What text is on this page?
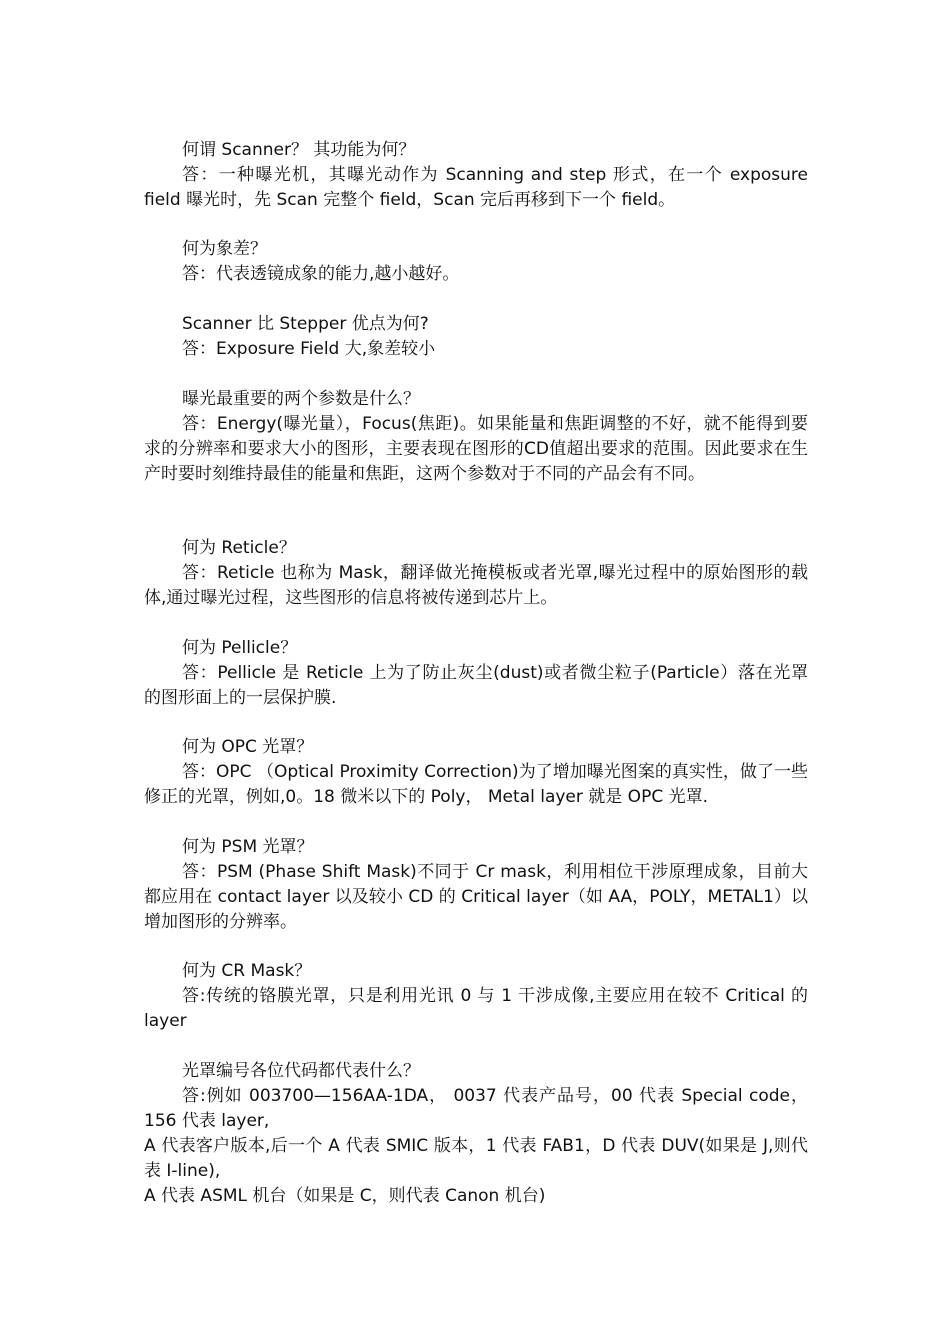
何谓 Scanner？ 其功能为何？

答：一种曝光机，其曝光动作为 Scanning and step 形式，在一个 exposure field 曝光时，先 Scan 完整个 field，Scan 完后再移到下一个 field。

何为象差？

答：代表透镜成象的能力,越小越好。

Scanner 比 Stepper 优点为何?

答：Exposure Field 大,象差较小

曝光最重要的两个参数是什么？

答：Energy(曝光量），Focus(焦距)。如果能量和焦距调整的不好，就不能得到要求的分辨率和要求大小的图形，主要表现在图形的CD值超出要求的范围。因此要求在生产时要时刻维持最佳的能量和焦距，这两个参数对于不同的产品会有不同。

何为 Reticle？

答：Reticle 也称为 Mask，翻译做光掩模板或者光罩,曝光过程中的原始图形的载体,通过曝光过程，这些图形的信息将被传递到芯片上。

何为 Pellicle？

答：Pellicle 是 Reticle 上为了防止灰尘(dust)或者微尘粒子(Particle）落在光罩的图形面上的一层保护膜.

何为 OPC 光罩？

答：OPC （Optical Proximity Correction)为了增加曝光图案的真实性，做了一些修正的光罩，例如,0。18 微米以下的 Poly， Metal layer 就是 OPC 光罩.

何为 PSM 光罩？

答：PSM (Phase Shift Mask)不同于 Cr mask，利用相位干涉原理成象，目前大都应用在 contact layer 以及较小 CD 的 Critical layer（如 AA，POLY，METAL1）以增加图形的分辨率。

何为 CR Mask？

答:传统的铬膜光罩，只是利用光讯 0 与 1 干涉成像,主要应用在较不 Critical 的 layer

光罩编号各位代码都代表什么？

答:例如 003700—156AA-1DA， 0037 代表产品号，00 代表 Special code，156 代表 layer,

A 代表客户版本,后一个 A 代表 SMIC 版本，1 代表 FAB1，D 代表 DUV(如果是 J,则代表 I-line),

A 代表 ASML 机台（如果是 C，则代表 Canon 机台)
